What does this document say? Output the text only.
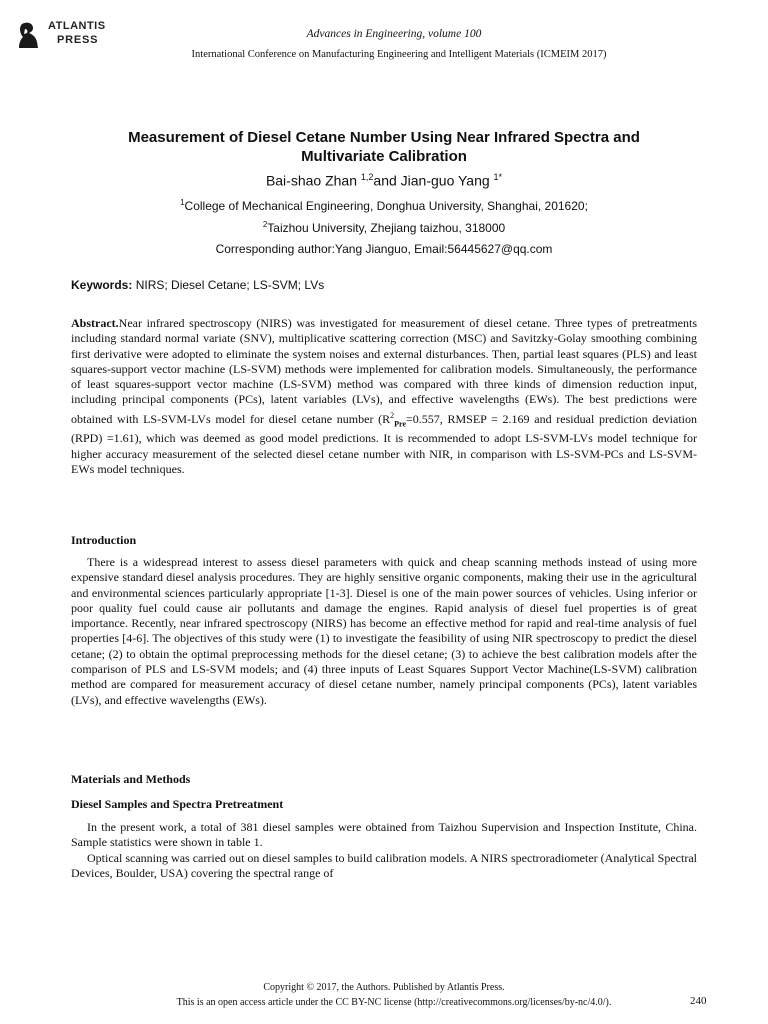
ATLANTIS
PRESS	Advances in Engineering, volume 100
International Conference on Manufacturing Engineering and Intelligent Materials (ICMEIM 2017)
Measurement of Diesel Cetane Number Using Near Infrared Spectra and
Multivariate Calibration
Bai-shao Zhan $^{1,2}$and Jian-guo Yang $^{1*}$
$^1$College of Mechanical Engineering, Donghua University, Shanghai, 201620;
$^2$Taizhou University, Zhejiang taizhou, 318000
Corresponding author:Yang Jianguo, Email:56445627@qq.com
Keywords: NIRS; Diesel Cetane; LS-SVM; LVs
Abstract.Near infrared spectroscopy (NIRS) was investigated for measurement of diesel cetane. Three types of pretreatments including standard normal variate (SNV), multiplicative scattering correction (MSC) and Savitzky-Golay smoothing combining first derivative were adopted to eliminate the system noises and external disturbances. Then, partial least squares (PLS) and least squares-support vector machine (LS-SVM) methods were implemented for calibration models. Simultaneously, the performance of least squares-support vector machine (LS-SVM) method was compared with three kinds of dimension reduction input, including principal components (PCs), latent variables (LVs), and effective wavelengths (EWs). The best predictions were obtained with LS-SVM-LVs model for diesel cetane number ($R^2_{Pre}=0.557$, RMSEP = 2.169 and residual prediction deviation (RPD) =1.61), which was deemed as good model predictions. It is recommended to adopt LS-SVM-LVs model technique for higher accuracy measurement of the selected diesel cetane number with NIR, in comparison with LS-SVM-PCs and LS-SVM-EWs model techniques.
Introduction
There is a widespread interest to assess diesel parameters with quick and cheap scanning methods instead of using more expensive standard diesel analysis procedures. They are highly sensitive organic components, making their use in the agricultural and environmental sciences particularly appropriate [1-3]. Diesel is one of the main power sources of vehicles. Using inferior or poor quality fuel could cause air pollutants and damage the engines. Rapid analysis of diesel fuel properties is of great importance. Recently, near infrared spectroscopy (NIRS) has become an effective method for rapid and real-time analysis of fuel properties [4-6]. The objectives of this study were (1) to investigate the feasibility of using NIR spectroscopy to predict the diesel cetane; (2) to obtain the optimal preprocessing methods for the diesel cetane; (3) to achieve the best calibration models after the comparison of PLS and LS-SVM models; and (4) three inputs of Least Squares Support Vector Machine(LS-SVM) calibration method are compared for measurement accuracy of diesel cetane number, namely principal components (PCs), latent variables (LVs), and effective wavelengths (EWs).
Materials and Methods
Diesel Samples and Spectra Pretreatment
In the present work, a total of 381 diesel samples were obtained from Taizhou Supervision and Inspection Institute, China. Sample statistics were shown in table 1.
Optical scanning was carried out on diesel samples to build calibration models. A NIRS spectroradiometer (Analytical Spectral Devices, Boulder, USA) covering the spectral range of
Copyright © 2017, the Authors. Published by Atlantis Press.
This is an open access article under the CC BY-NC license (http://creativecommons.org/licenses/by-nc/4.0/).	240
